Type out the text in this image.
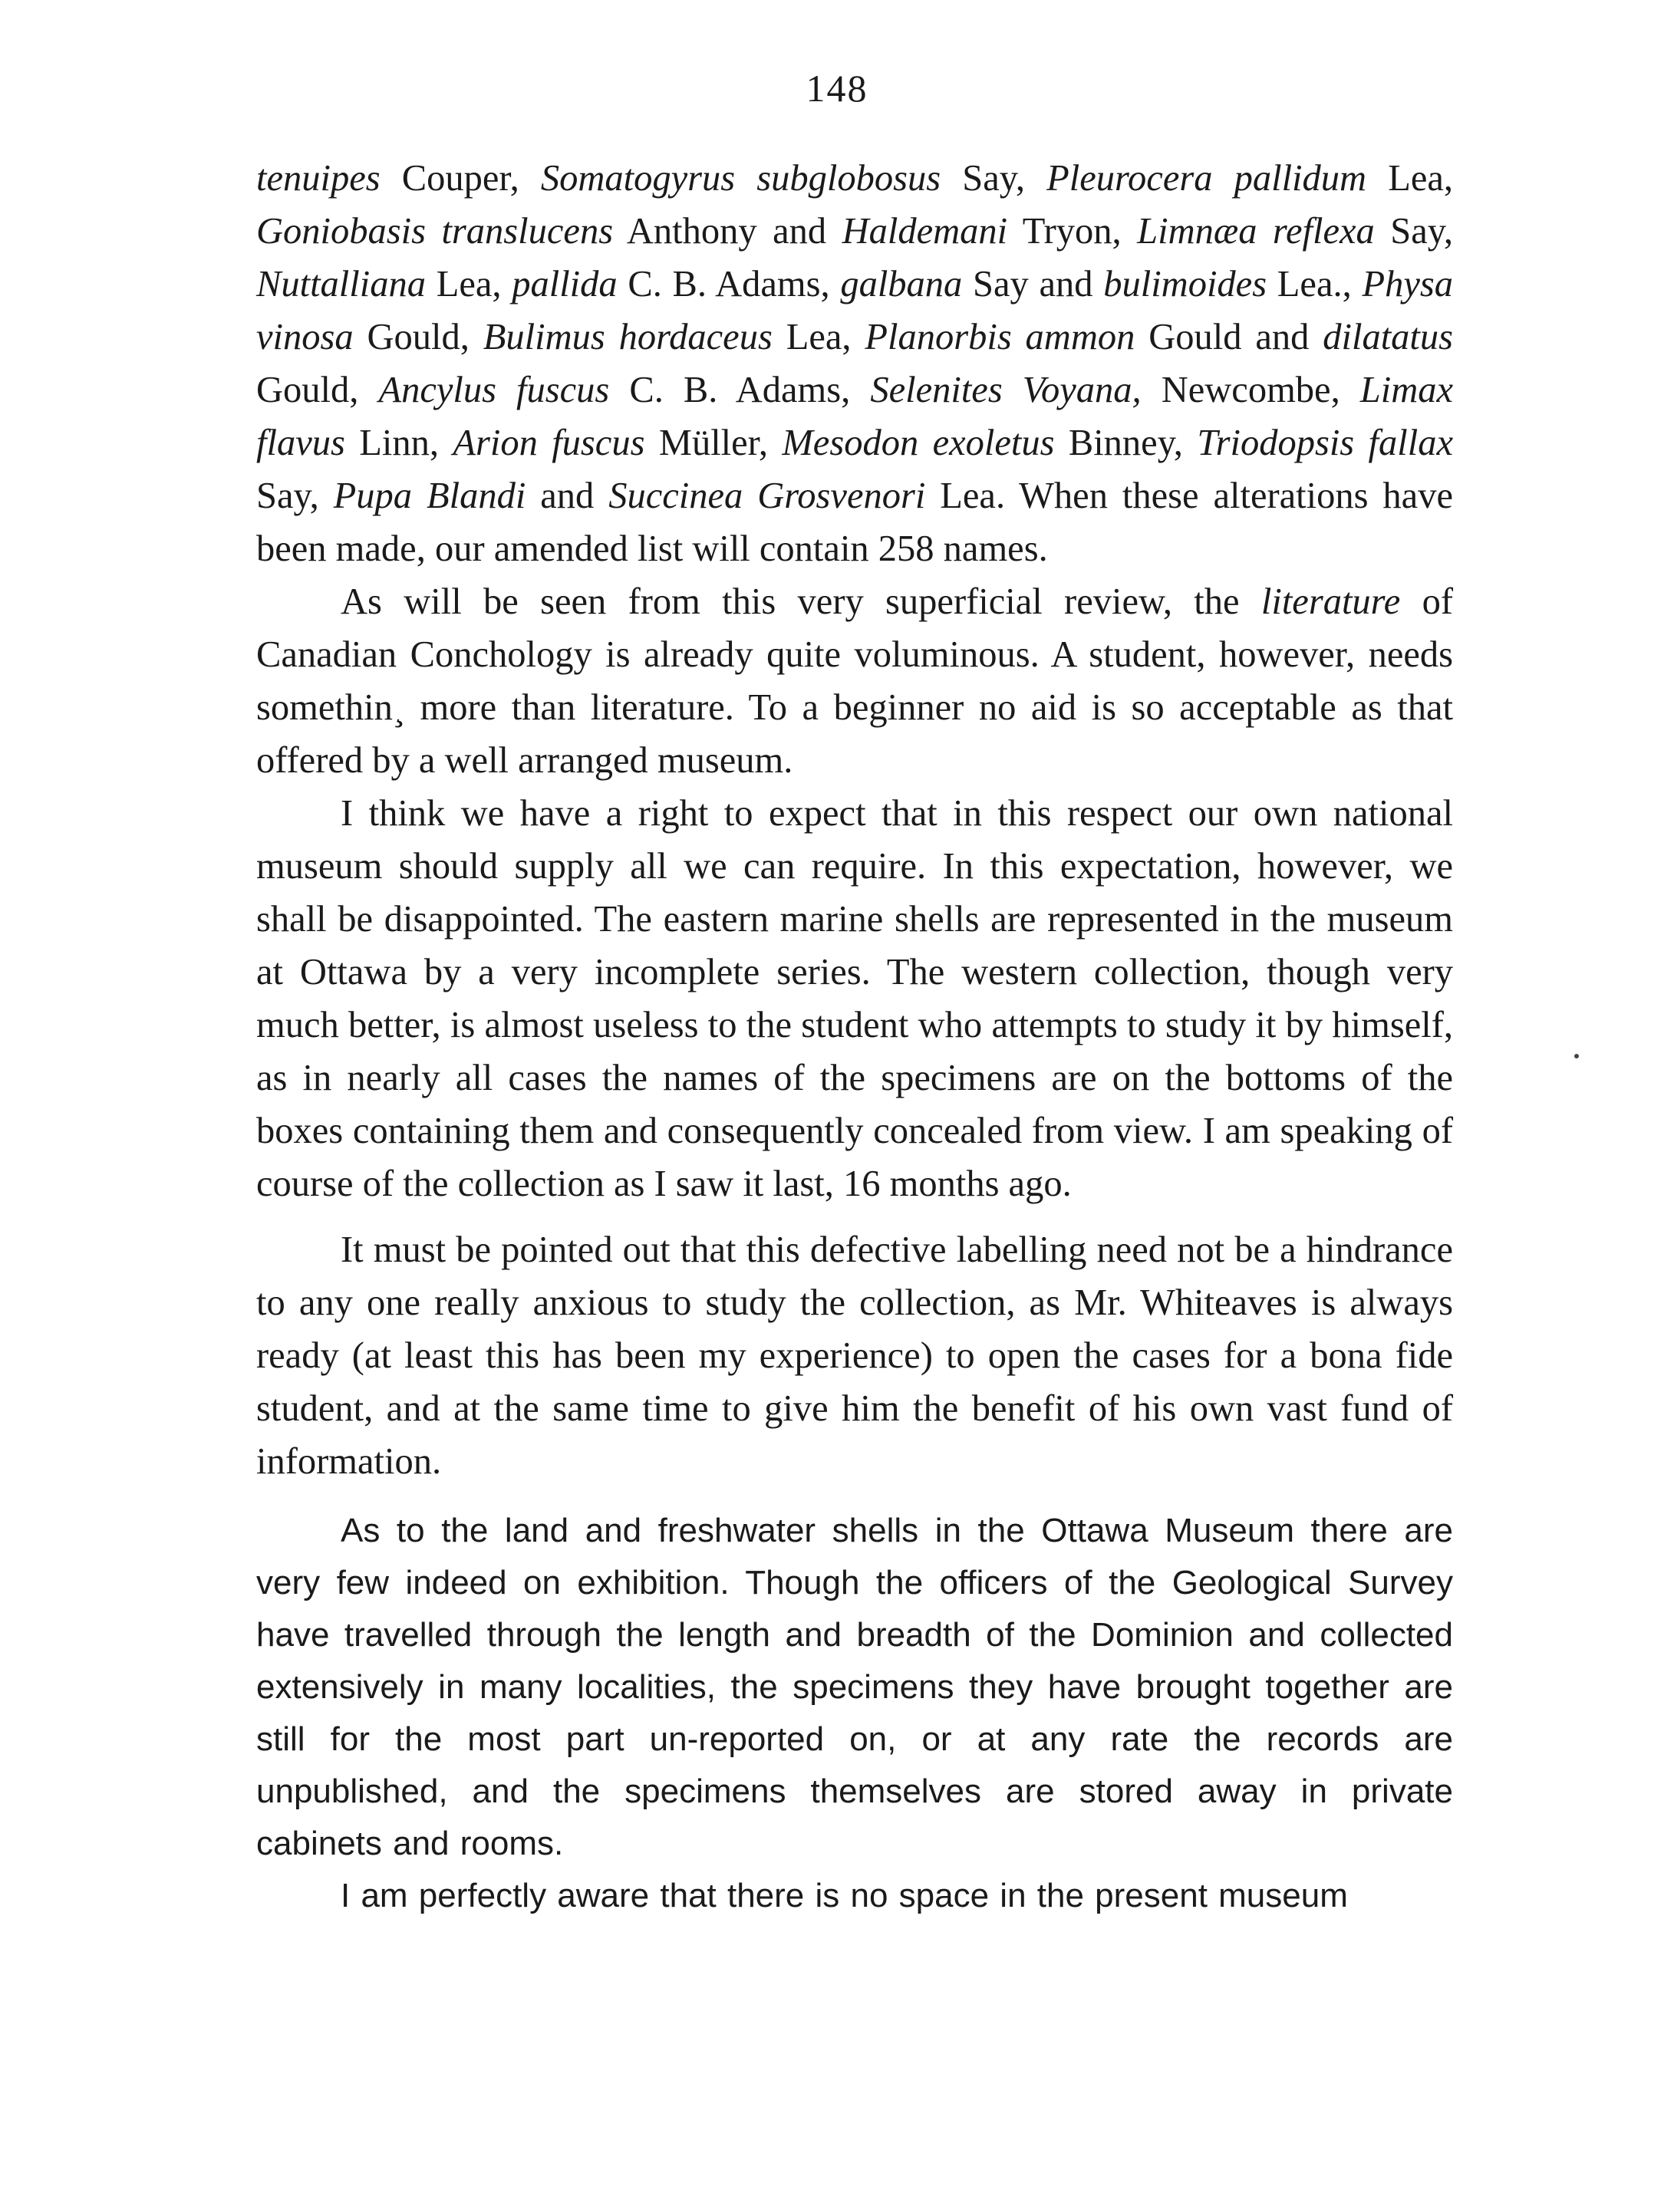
148

tenuipes Couper, Somatogyrus subglobosus Say, Pleurocera pallidum Lea, Goniobasis translucens Anthony and Haldemani Tryon, Limnæa reflexa Say, Nuttalliana Lea, pallida C. B. Adams, galbana Say and bulimoides Lea., Physa vinosa Gould, Bulimus hordaceus Lea, Planorbis ammon Gould and dilatatus Gould, Ancylus fuscus C. B. Adams, Selenites Voyana, Newcombe, Limax flavus Linn, Arion fuscus Müller, Mesodon exoletus Binney, Triodopsis fallax Say, Pupa Blandi and Succinea Grosvenori Lea. When these alterations have been made, our amended list will contain 258 names.

As will be seen from this very superficial review, the literature of Canadian Conchology is already quite voluminous. A student, however, needs somethin¸ more than literature. To a beginner no aid is so acceptable as that offered by a well arranged museum.

I think we have a right to expect that in this respect our own national museum should supply all we can require. In this expectation, however, we shall be disappointed. The eastern marine shells are represented in the museum at Ottawa by a very incomplete series. The western collection, though very much better, is almost useless to the student who attempts to study it by himself, as in nearly all cases the names of the specimens are on the bottoms of the boxes containing them and consequently concealed from view. I am speaking of course of the collection as I saw it last, 16 months ago.

It must be pointed out that this defective labelling need not be a hindrance to any one really anxious to study the collection, as Mr. Whiteaves is always ready (at least this has been my experience) to open the cases for a bona fide student, and at the same time to give him the benefit of his own vast fund of information.

As to the land and freshwater shells in the Ottawa Museum there are very few indeed on exhibition. Though the officers of the Geological Survey have travelled through the length and breadth of the Dominion and collected extensively in many localities, the specimens they have brought together are still for the most part un-reported on, or at any rate the records are unpublished, and the specimens themselves are stored away in private cabinets and rooms.

I am perfectly aware that there is no space in the present museum
